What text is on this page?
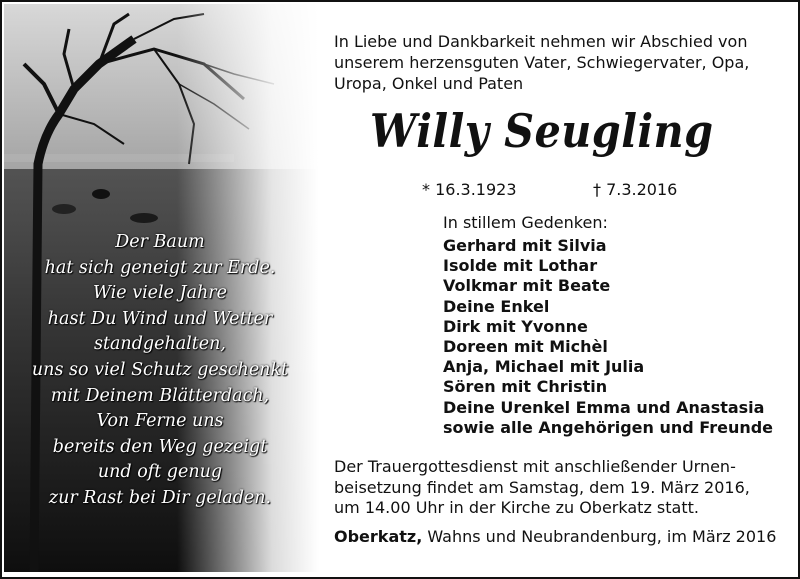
Der Baum
hat sich geneigt zur Erde.
Wie viele Jahre
hast Du Wind und Wetter
standgehalten,
uns so viel Schutz geschenkt
mit Deinem Blätterdach,
Von Ferne uns
bereits den Weg gezeigt
und oft genug
zur Rast bei Dir geladen.
In Liebe und Dankbarkeit nehmen wir Abschied von
unserem herzensguten Vater, Schwiegervater, Opa,
Uropa, Onkel und Paten
Willy Seugling
* 16.3.1923	† 7.3.2016
In stillem Gedenken:
Gerhard mit Silvia
Isolde mit Lothar
Volkmar mit Beate
Deine Enkel
Dirk mit Yvonne
Doreen mit Michèl
Anja, Michael mit Julia
Sören mit Christin
Deine Urenkel Emma und Anastasia
sowie alle Angehörigen und Freunde
Der Trauergottesdienst mit anschließender Urnen-
beisetzung findet am Samstag, dem 19. März 2016,
um 14.00 Uhr in der Kirche zu Oberkatz statt.
Oberkatz, Wahns und Neubrandenburg, im März 2016
